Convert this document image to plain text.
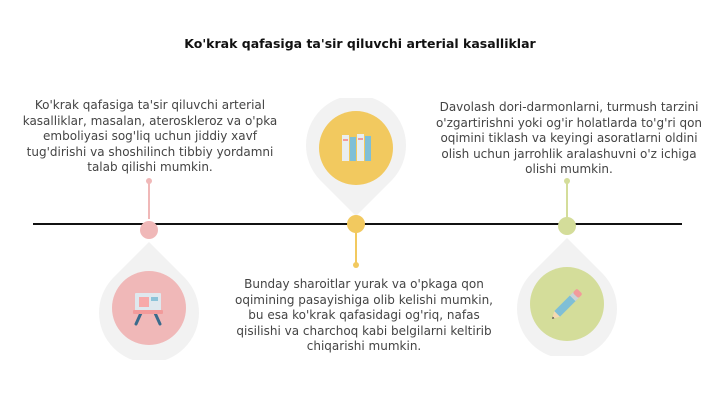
Ko'krak qafasiga ta'sir qiluvchi arterial kasalliklar
Ko'krak qafasiga ta'sir qiluvchi arterial kasalliklar, masalan, ateroskleroz va o'pka emboliyasi sog'liq uchun jiddiy xavf tug'dirishi va shoshilinch tibbiy yordamni talab qilishi mumkin.
Bunday sharoitlar yurak va o'pkaga qon oqimining pasayishiga olib kelishi mumkin, bu esa ko'krak qafasidagi og'riq, nafas qisilishi va charchoq kabi belgilarni keltirib chiqarishi mumkin.
Davolash dori-darmonlarni, turmush tarzini o'zgartirishni yoki og'ir holatlarda to'g'ri qon oqimini tiklash va keyingi asoratlarni oldini olish uchun jarrohlik aralashuvni o'z ichiga olishi mumkin.
